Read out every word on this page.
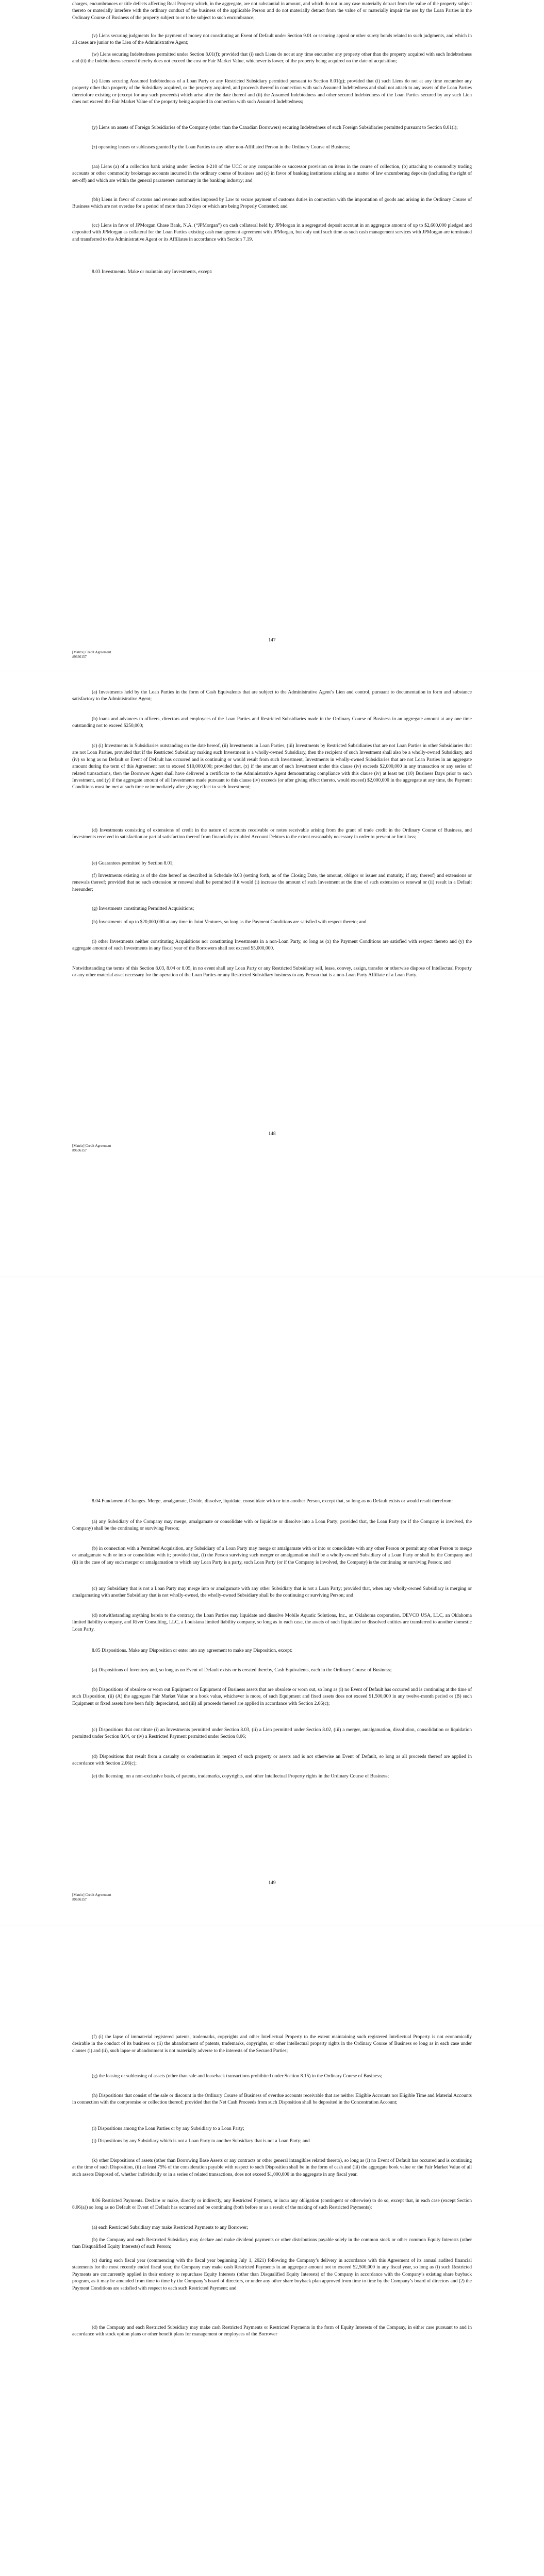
charges, encumbrances or title defects affecting Real Property which, in the aggregate, are not substantial in amount, and which do not in any case materially detract from the value of the property subject thereto or materially interfere with the ordinary conduct of the business of the applicable Person and do not materially detract from the value of or materially impair the use by the Loan Parties in the Ordinary Course of Business of the property subject to or to be subject to such encumbrance;

(v) Liens securing judgments for the payment of money not constituting an Event of Default under Section 9.01 or securing appeal or other surety bonds related to such judgments, and which in all cases are junior to the Lien of the Administrative Agent;

(w) Liens securing Indebtedness permitted under Section 8.01(f); provided that (i) such Liens do not at any time encumber any property other than the property acquired with such Indebtedness and (ii) the Indebtedness secured thereby does not exceed the cost or Fair Market Value, whichever is lower, of the property being acquired on the date of acquisition;

(x) Liens securing Assumed Indebtedness of a Loan Party or any Restricted Subsidiary permitted pursuant to Section 8.01(g); provided that (i) such Liens do not at any time encumber any property other than property of the Subsidiary acquired, or the property acquired, and proceeds thereof in connection with such Assumed Indebtedness and shall not attach to any assets of the Loan Parties theretofore existing or (except for any such proceeds) which arise after the date thereof and (ii) the Assumed Indebtedness and other secured Indebtedness of the Loan Parties secured by any such Lien does not exceed the Fair Market Value of the property being acquired in connection with such Assumed Indebtedness;

(y) Liens on assets of Foreign Subsidiaries of the Company (other than the Canadian Borrowers) securing Indebtedness of such Foreign Subsidiaries permitted pursuant to Section 8.01(l);

(z) operating leases or subleases granted by the Loan Parties to any other non-Affiliated Person in the Ordinary Course of Business;

(aa) Liens (a) of a collection bank arising under Section 4-210 of the UCC or any comparable or successor provision on items in the course of collection, (b) attaching to commodity trading accounts or other commodity brokerage accounts incurred in the ordinary course of business and (c) in favor of banking institutions arising as a matter of law encumbering deposits (including the right of set-off) and which are within the general parameters customary in the banking industry; and

(bb) Liens in favor of customs and revenue authorities imposed by Law to secure payment of customs duties in connection with the importation of goods and arising in the Ordinary Course of Business which are not overdue for a period of more than 30 days or which are being Properly Contested; and

(cc) Liens in favor of JPMorgan Chase Bank, N.A. (“JPMorgan”) on cash collateral held by JPMorgan in a segregated deposit account in an aggregate amount of up to $2,600,000 pledged and deposited with JPMorgan as collateral for the Loan Parties existing cash management agreement with JPMorgan, but only until such time as such cash management services with JPMorgan are terminated and transferred to the Administrative Agent or its Affiliates in accordance with Section 7.19.

8.03 Investments. Make or maintain any Investments, except:

147
[Matrix] Credit Agreement
#9636157

(a) Investments held by the Loan Parties in the form of Cash Equivalents that are subject to the Administrative Agent’s Lien and control, pursuant to documentation in form and substance satisfactory to the Administrative Agent;

(b) loans and advances to officers, directors and employees of the Loan Parties and Restricted Subsidiaries made in the Ordinary Course of Business in an aggregate amount at any one time outstanding not to exceed $250,000;

(c) (i) Investments in Subsidiaries outstanding on the date hereof, (ii) Investments in Loan Parties, (iii) Investments by Restricted Subsidiaries that are not Loan Parties in other Subsidiaries that are not Loan Parties, provided that if the Restricted Subsidiary making such Investment is a wholly-owned Subsidiary, then the recipient of such Investment shall also be a wholly-owned Subsidiary, and (iv) so long as no Default or Event of Default has occurred and is continuing or would result from such Investment, Investments in wholly-owned Subsidiaries that are not Loan Parties in an aggregate amount during the term of this Agreement not to exceed $10,000,000; provided that, (x) if the amount of such Investment under this clause (iv) exceeds $2,000,000 in any transaction or any series of related transactions, then the Borrower Agent shall have delivered a certificate to the Administrative Agent demonstrating compliance with this clause (iv) at least ten (10) Business Days prior to such Investment, and (y) if the aggregate amount of all Investments made pursuant to this clause (iv) exceeds (or after giving effect thereto, would exceed) $2,000,000 in the aggregate at any time, the Payment Conditions must be met at such time or immediately after giving effect to such Investment;

(d) Investments consisting of extensions of credit in the nature of accounts receivable or notes receivable arising from the grant of trade credit in the Ordinary Course of Business, and Investments received in satisfaction or partial satisfaction thereof from financially troubled Account Debtors to the extent reasonably necessary in order to prevent or limit loss;

(e) Guarantees permitted by Section 8.01;

(f) Investments existing as of the date hereof as described in Schedule 8.03 (setting forth, as of the Closing Date, the amount, obligor or issuer and maturity, if any, thereof) and extensions or renewals thereof; provided that no such extension or renewal shall be permitted if it would (i) increase the amount of such Investment at the time of such extension or renewal or (ii) result in a Default hereunder;

(g) Investments constituting Permitted Acquisitions;

(h) Investments of up to $20,000,000 at any time in Joint Ventures, so long as the Payment Conditions are satisfied with respect thereto; and

(i) other Investments neither constituting Acquisitions nor constituting Investments in a non-Loan Party, so long as (x) the Payment Conditions are satisfied with respect thereto and (y) the aggregate amount of such Investments in any fiscal year of the Borrowers shall not exceed $5,000,000.

Notwithstanding the terms of this Section 8.03, 8.04 or 8.05, in no event shall any Loan Party or any Restricted Subsidiary sell, lease, convey, assign, transfer or otherwise dispose of Intellectual Property or any other material asset necessary for the operation of the Loan Parties or any Restricted Subsidiary business to any Person that is a non-Loan Party Affiliate of a Loan Party.

148
[Matrix] Credit Agreement
#9636157

8.04 Fundamental Changes. Merge, amalgamate, Divide, dissolve, liquidate, consolidate with or into another Person, except that, so long as no Default exists or would result therefrom:

(a) any Subsidiary of the Company may merge, amalgamate or consolidate with or liquidate or dissolve into a Loan Party; provided that, the Loan Party (or if the Company is involved, the Company) shall be the continuing or surviving Person;

(b) in connection with a Permitted Acquisition, any Subsidiary of a Loan Party may merge or amalgamate with or into or consolidate with any other Person or permit any other Person to merge or amalgamate with or into or consolidate with it; provided that, (i) the Person surviving such merger or amalgamation shall be a wholly-owned Subsidiary of a Loan Party or shall be the Company and (ii) in the case of any such merger or amalgamation to which any Loan Party is a party, such Loan Party (or if the Company is involved, the Company) is the continuing or surviving Person; and

(c) any Subsidiary that is not a Loan Party may merge into or amalgamate with any other Subsidiary that is not a Loan Party; provided that, when any wholly-owned Subsidiary is merging or amalgamating with another Subsidiary that is not wholly-owned, the wholly-owned Subsidiary shall be the continuing or surviving Person; and

(d) notwithstanding anything herein to the contrary, the Loan Parties may liquidate and dissolve Mobile Aquatic Solutions, Inc., an Oklahoma corporation, DEVCO USA, LLC, an Oklahoma limited liability company, and River Consulting, LLC, a Louisiana limited liability company, so long as in each case, the assets of such liquidated or dissolved entities are transferred to another domestic Loan Party.

8.05 Dispositions. Make any Disposition or enter into any agreement to make any Disposition, except:

(a) Dispositions of Inventory and, so long as no Event of Default exists or is created thereby, Cash Equivalents, each in the Ordinary Course of Business;

(b) Dispositions of obsolete or worn out Equipment or Equipment of Business assets that are obsolete or worn out, so long as (i) no Event of Default has occurred and is continuing at the time of such Disposition, (ii) (A) the aggregate Fair Market Value or a book value, whichever is more, of such Equipment and fixed assets does not exceed $1,500,000 in any twelve-month period or (B) such Equipment or fixed assets have been fully depreciated, and (iii) all proceeds thereof are applied in accordance with Section 2.06(c);

(c) Dispositions that constitute (i) an Investments permitted under Section 8.03, (ii) a Lien permitted under Section 8.02, (iii) a merger, amalgamation, dissolution, consolidation or liquidation permitted under Section 8.04, or (iv) a Restricted Payment permitted under Section 8.06;

(d) Dispositions that result from a casualty or condemnation in respect of such property or assets and is not otherwise an Event of Default, so long as all proceeds thereof are applied in accordance with Section 2.06(c);

(e) the licensing, on a non-exclusive basis, of patents, trademarks, copyrights, and other Intellectual Property rights in the Ordinary Course of Business;

149
[Matrix] Credit Agreement
#9636157

(f) (i) the lapse of immaterial registered patents, trademarks, copyrights and other Intellectual Property to the extent maintaining such registered Intellectual Property is not economically desirable in the conduct of its business or (ii) the abandonment of patents, trademarks, copyrights, or other intellectual property rights in the Ordinary Course of Business so long as in each case under clauses (i) and (ii), such lapse or abandonment is not materially adverse to the interests of the Secured Parties;

(g) the leasing or subleasing of assets (other than sale and leaseback transactions prohibited under Section 8.15) in the Ordinary Course of Business;

(h) Dispositions that consist of the sale or discount in the Ordinary Course of Business of overdue accounts receivable that are neither Eligible Accounts nor Eligible Time and Material Accounts in connection with the compromise or collection thereof; provided that the Net Cash Proceeds from such Disposition shall be deposited in the Concentration Account;

(i) Dispositions among the Loan Parties or by any Subsidiary to a Loan Party;

(j) Dispositions by any Subsidiary which is not a Loan Party to another Subsidiary that is not a Loan Party; and

(k) other Dispositions of assets (other than Borrowing Base Assets or any contracts or other general intangibles related thereto), so long as (i) no Event of Default has occurred and is continuing at the time of such Disposition, (ii) at least 75% of the consideration payable with respect to such Disposition shall be in the form of cash and (iii) the aggregate book value or the Fair Market Value of all such assets Disposed of, whether individually or in a series of related transactions, does not exceed $1,000,000 in the aggregate in any fiscal year.

8.06 Restricted Payments. Declare or make, directly or indirectly, any Restricted Payment, or incur any obligation (contingent or otherwise) to do so, except that, in each case (except Section 8.06(a)) so long as no Default or Event of Default has occurred and be continuing (both before or as a result of the making of such Restricted Payments):

(a) each Restricted Subsidiary may make Restricted Payments to any Borrower;

(b) the Company and each Restricted Subsidiary may declare and make dividend payments or other distributions payable solely in the common stock or other common Equity Interests (other than Disqualified Equity Interests) of such Person;

(c) during each fiscal year (commencing with the fiscal year beginning July 1, 2021) following the Company’s delivery in accordance with this Agreement of its annual audited financial statements for the most recently ended fiscal year, the Company may make cash Restricted Payments in an aggregate amount not to exceed $2,500,000 in any fiscal year, so long as (i) such Restricted Payments are concurrently applied in their entirety to repurchase Equity Interests (other than Disqualified Equity Interests) of the Company in accordance with the Company’s existing share buyback program, as it may be amended from time to time by the Company’s board of directors, or under any other share buyback plan approved from time to time by the Company’s board of directors and (2) the Payment Conditions are satisfied with respect to each such Restricted Payment; and

(d) the Company and each Restricted Subsidiary may make cash Restricted Payments or Restricted Payments in the form of Equity Interests of the Company, in either case pursuant to and in accordance with stock option plans or other benefit plans for management or employees of the Borrower
